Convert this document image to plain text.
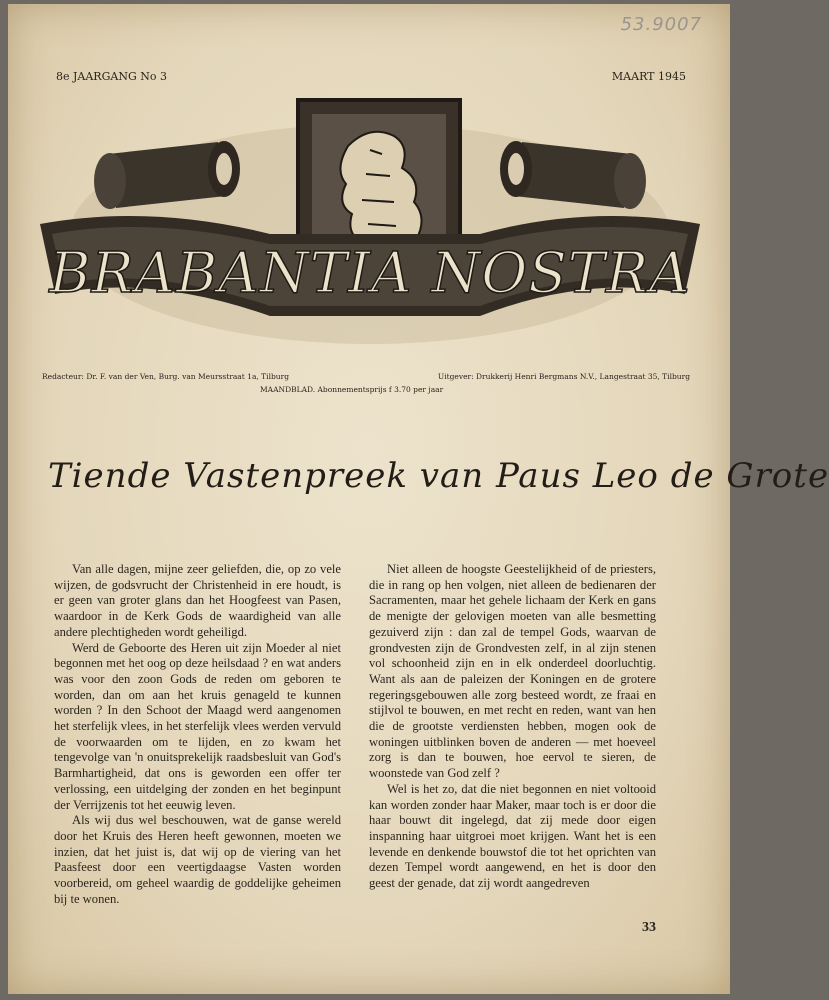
53.9007
8e JAARGANG No 3	MAART 1945
BRABANTIA NOSTRA
Redacteur: Dr. F. van der Ven, Burg. van Meursstraat 1a, Tilburg	Uitgever: Drukkerij Henri Bergmans N.V., Langestraat 35, Tilburg
MAANDBLAD. Abonnementsprijs f 3.70 per jaar
Tiende Vastenpreek van Paus Leo de Grote

Van alle dagen, mijne zeer geliefden, die, op zo vele wijzen, de godsvrucht der Christenheid in ere houdt, is er geen van groter glans dan het Hoogfeest van Pasen, waardoor in de Kerk Gods de waardigheid van alle andere plechtigheden wordt geheiligd.

Werd de Geboorte des Heren uit zijn Moeder al niet begonnen met het oog op deze heilsdaad ? en wat anders was voor den zoon Gods de reden om geboren te worden, dan om aan het kruis genageld te kunnen worden ? In den Schoot der Maagd werd aangenomen het sterfelijk vlees, in het sterfelijk vlees werden vervuld de voorwaarden om te lijden, en zo kwam het tengevolge van 'n onuitsprekelijk raadsbesluit van God's Barmhartigheid, dat ons is geworden een offer ter verlossing, een uitdelging der zonden en het beginpunt der Verrijzenis tot het eeuwig leven.

Als wij dus wel beschouwen, wat de ganse wereld door het Kruis des Heren heeft gewonnen, moeten we inzien, dat het juist is, dat wij op de viering van het Paasfeest door een veertigdaagse Vasten worden voorbereid, om geheel waardig de goddelijke geheimen bij te wonen.

Niet alleen de hoogste Geestelijkheid of de priesters, die in rang op hen volgen, niet alleen de bedienaren der Sacramenten, maar het gehele lichaam der Kerk en gans de menigte der gelovigen moeten van alle besmetting gezuiverd zijn : dan zal de tempel Gods, waarvan de grondvesten zijn de Grondvesten zelf, in al zijn stenen vol schoonheid zijn en in elk onderdeel doorluchtig. Want als aan de paleizen der Koningen en de grotere regeringsgebouwen alle zorg besteed wordt, ze fraai en stijlvol te bouwen, en met recht en reden, want van hen die de grootste verdiensten hebben, mogen ook de woningen uitblinken boven de anderen — met hoeveel zorg is dan te bouwen, hoe eervol te sieren, de woonstede van God zelf ?

Wel is het zo, dat die niet begonnen en niet voltooid kan worden zonder haar Maker, maar toch is er door die haar bouwt dit ingelegd, dat zij mede door eigen inspanning haar uitgroei moet krijgen. Want het is een levende en denkende bouwstof die tot het oprichten van dezen Tempel wordt aangewend, en het is door den geest der genade, dat zij wordt aangedreven

33
